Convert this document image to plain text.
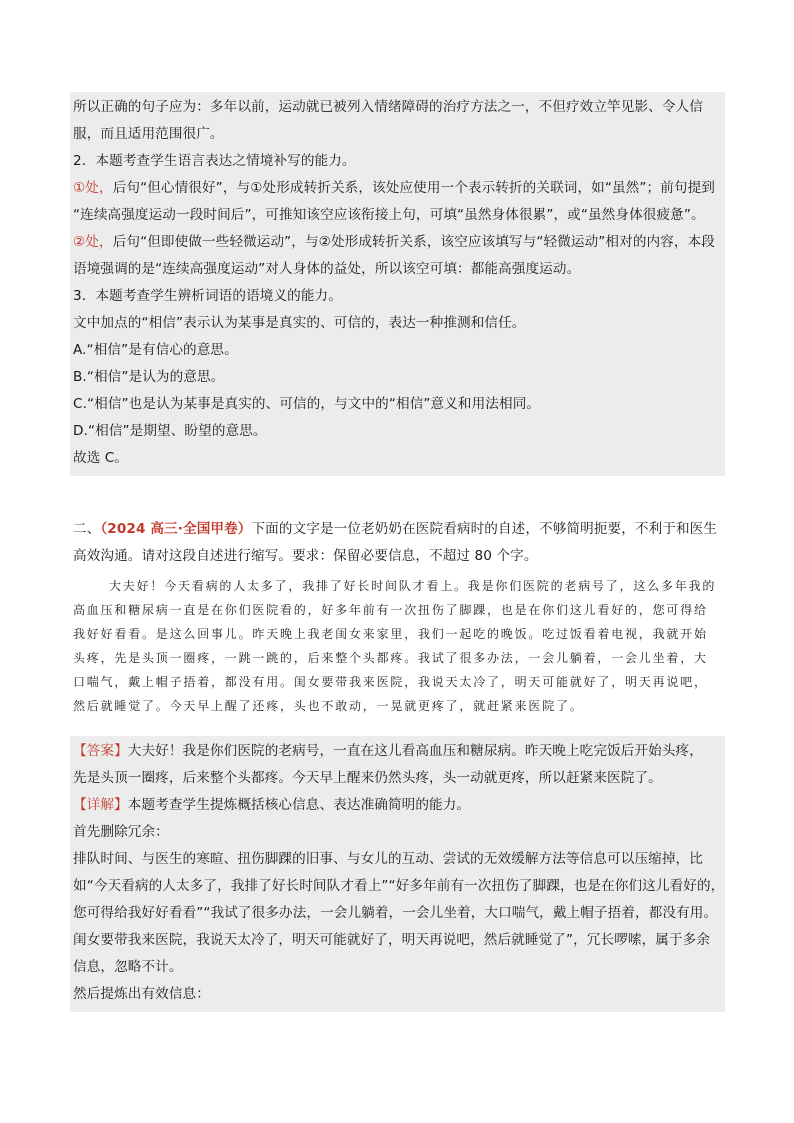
所以正确的句子应为：多年以前，运动就已被列入情绪障碍的治疗方法之一，不但疗效立竿见影、令人信
服，而且适用范围很广。
2．本题考查学生语言表达之情境补写的能力。
①处，后句“但心情很好”，与①处形成转折关系，该处应使用一个表示转折的关联词，如“虽然”；前句提到
“连续高强度运动一段时间后”，可推知该空应该衔接上句，可填“虽然身体很累”，或“虽然身体很疲惫”。
②处，后句“但即使做一些轻微运动”，与②处形成转折关系，该空应该填写与“轻微运动”相对的内容，本段
语境强调的是“连续高强度运动”对人身体的益处，所以该空可填：都能高强度运动。
3．本题考查学生辨析词语的语境义的能力。
文中加点的“相信”表示认为某事是真实的、可信的，表达一种推测和信任。
A.“相信”是有信心的意思。
B.“相信”是认为的意思。
C.“相信”也是认为某事是真实的、可信的，与文中的“相信”意义和用法相同。
D.“相信”是期望、盼望的意思。
故选 C。
二、（2024 高三·全国甲卷）下面的文字是一位老奶奶在医院看病时的自述，不够简明扼要，不利于和医生
高效沟通。请对这段自述进行缩写。要求：保留必要信息，不超过 80 个字。
大夫好！今天看病的人太多了，我排了好长时间队才看上。我是你们医院的老病号了，这么多年我的
高血压和糖尿病一直是在你们医院看的，好多年前有一次扭伤了脚踝，也是在你们这儿看好的，您可得给
我好好看看。是这么回事儿。昨天晚上我老闺女来家里，我们一起吃的晚饭。吃过饭看着电视，我就开始
头疼，先是头顶一圈疼，一跳一跳的，后来整个头都疼。我试了很多办法，一会儿躺着，一会儿坐着，大
口喘气，戴上帽子捂着，都没有用。闺女要带我来医院，我说天太冷了，明天可能就好了，明天再说吧，
然后就睡觉了。今天早上醒了还疼，头也不敢动，一晃就更疼了，就赶紧来医院了。
【答案】大夫好！我是你们医院的老病号，一直在这儿看高血压和糖尿病。昨天晚上吃完饭后开始头疼，
先是头顶一圈疼，后来整个头都疼。今天早上醒来仍然头疼，头一动就更疼，所以赶紧来医院了。
【详解】本题考查学生提炼概括核心信息、表达准确简明的能力。
首先删除冗余：
排队时间、与医生的寒暄、扭伤脚踝的旧事、与女儿的互动、尝试的无效缓解方法等信息可以压缩掉，比
如“今天看病的人太多了，我排了好长时间队才看上”“好多年前有一次扭伤了脚踝，也是在你们这儿看好的，
您可得给我好好看看”“我试了很多办法，一会儿躺着，一会儿坐着，大口喘气，戴上帽子捂着，都没有用。
闺女要带我来医院，我说天太冷了，明天可能就好了，明天再说吧，然后就睡觉了”，冗长啰嗦，属于多余
信息，忽略不计。
然后提炼出有效信息：
